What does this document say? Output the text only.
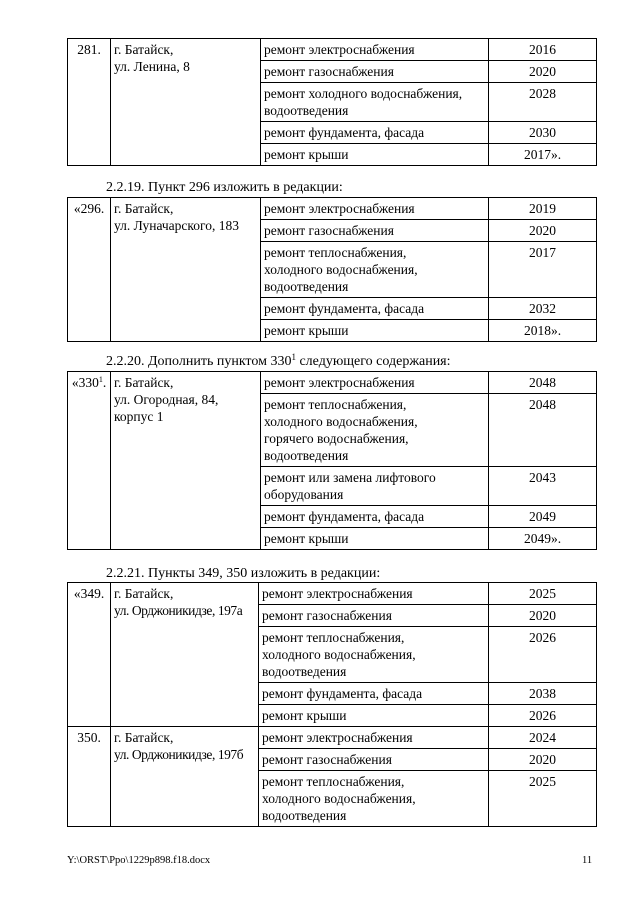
281.	г. Батайск,
ул. Ленина, 8	ремонт электроснабжения	2016

		ремонт газоснабжения	2020

		ремонт холодного водоснабжения,
водоотведения	2028

		ремонт фундамента, фасада	2030

		ремонт крыши	2017».
2.2.19. Пункт 296 изложить в редакции:
«296.	г. Батайск,
ул. Луначарского, 183	ремонт электроснабжения	2019

		ремонт газоснабжения	2020

		ремонт теплоснабжения,
холодного водоснабжения,
водоотведения	2017

		ремонт фундамента, фасада	2032

		ремонт крыши	2018».
2.2.20. Дополнить пунктом $330^1$ следующего содержания:
«$330^1$.	г. Батайск,
ул. Огородная, 84,
корпус 1	ремонт электроснабжения	2048

		ремонт теплоснабжения,
холодного водоснабжения,
горячего водоснабжения,
водоотведения	2048

		ремонт или замена лифтового
оборудования	2043

		ремонт фундамента, фасада	2049

		ремонт крыши	2049».
2.2.21. Пункты 349, 350 изложить в редакции:
«349.	г. Батайск,
ул. Орджоникидзе, 197а	ремонт электроснабжения	2025

		ремонт газоснабжения	2020

		ремонт теплоснабжения,
холодного водоснабжения,
водоотведения	2026

		ремонт фундамента, фасада	2038

		ремонт крыши	2026

350.	г. Батайск,
ул. Орджоникидзе, 197б	ремонт электроснабжения	2024

		ремонт газоснабжения	2020

		ремонт теплоснабжения,
холодного водоснабжения,
водоотведения	2025
Y:\ORST\Ppo\1229p898.f18.docx	11
